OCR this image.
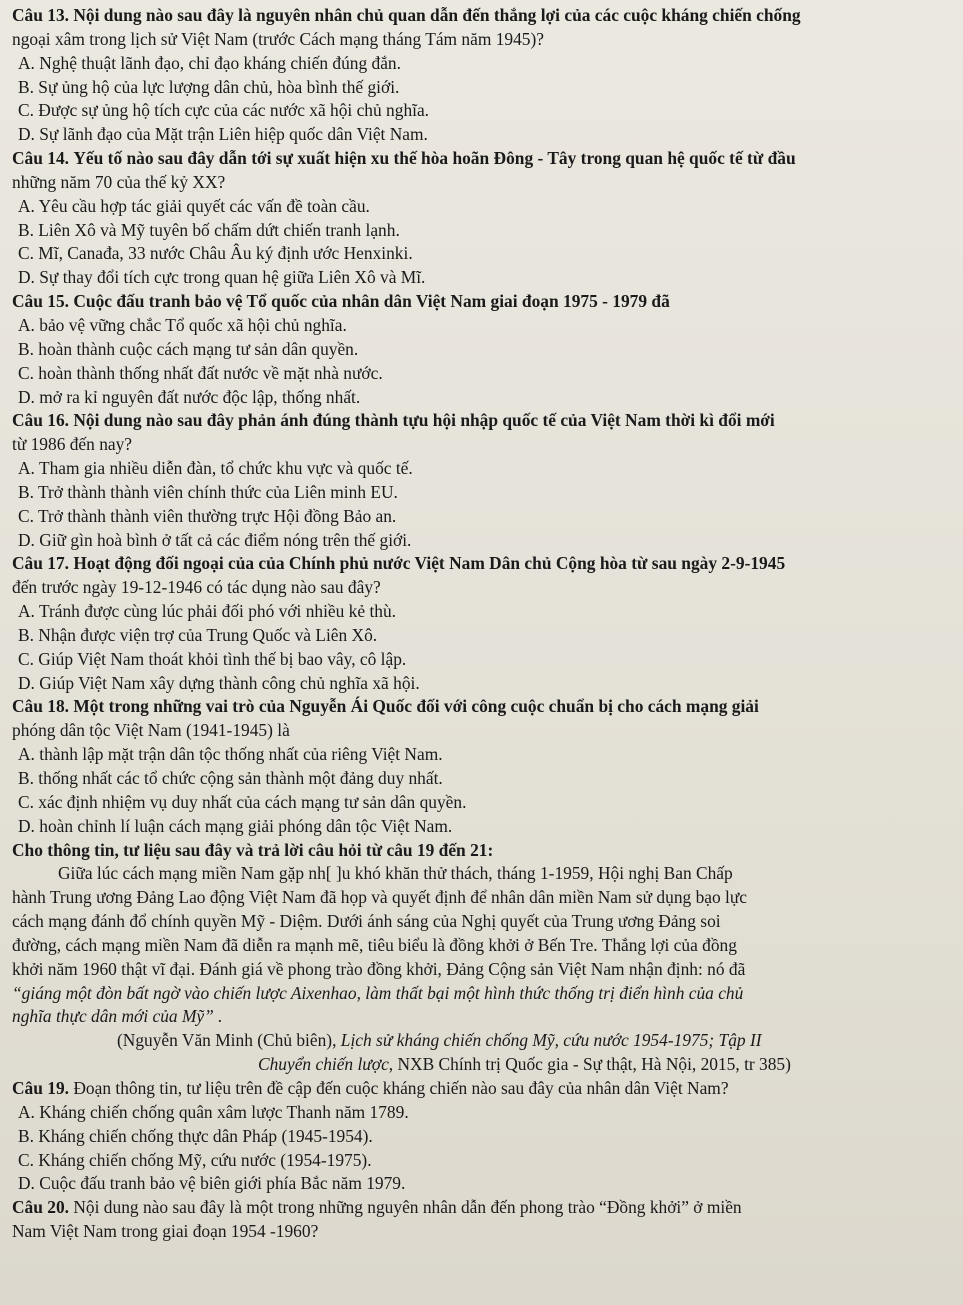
Câu 13. Nội dung nào sau đây là nguyên nhân chủ quan dẫn đến thắng lợi của các cuộc kháng chiến chống
ngoại xâm trong lịch sử Việt Nam (trước Cách mạng tháng Tám năm 1945)?
A. Nghệ thuật lãnh đạo, chỉ đạo kháng chiến đúng đắn.
B. Sự ủng hộ của lực lượng dân chủ, hòa bình thế giới.
C. Được sự ủng hộ tích cực của các nước xã hội chủ nghĩa.
D. Sự lãnh đạo của Mặt trận Liên hiệp quốc dân Việt Nam.
Câu 14. Yếu tố nào sau đây dẫn tới sự xuất hiện xu thế hòa hoãn Đông - Tây trong quan hệ quốc tế từ đầu
những năm 70 của thế kỷ XX?
A. Yêu cầu hợp tác giải quyết các vấn đề toàn cầu.
B. Liên Xô và Mỹ tuyên bố chấm dứt chiến tranh lạnh.
C. Mĩ, Canađa, 33 nước Châu Âu ký định ước Henxinki.
D. Sự thay đổi tích cực trong quan hệ giữa Liên Xô và Mĩ.
Câu 15. Cuộc đấu tranh bảo vệ Tổ quốc của nhân dân Việt Nam giai đoạn 1975 - 1979 đã
A. bảo vệ vững chắc Tổ quốc xã hội chủ nghĩa.
B. hoàn thành cuộc cách mạng tư sản dân quyền.
C. hoàn thành thống nhất đất nước về mặt nhà nước.
D. mở ra kỉ nguyên đất nước độc lập, thống nhất.
Câu 16. Nội dung nào sau đây phản ánh đúng thành tựu hội nhập quốc tế của Việt Nam thời kì đổi mới
từ 1986 đến nay?
A. Tham gia nhiều diễn đàn, tổ chức khu vực và quốc tế.
B. Trở thành thành viên chính thức của Liên minh EU.
C. Trở thành thành viên thường trực Hội đồng Bảo an.
D. Giữ gìn hoà bình ở tất cả các điểm nóng trên thế giới.
Câu 17. Hoạt động đối ngoại của của Chính phủ nước Việt Nam Dân chủ Cộng hòa từ sau ngày 2-9-1945
đến trước ngày 19-12-1946 có tác dụng nào sau đây?
A. Tránh được cùng lúc phải đối phó với nhiều kẻ thù.
B. Nhận được viện trợ của Trung Quốc và Liên Xô.
C. Giúp Việt Nam thoát khỏi tình thế bị bao vây, cô lập.
D. Giúp Việt Nam xây dựng thành công chủ nghĩa xã hội.
Câu 18. Một trong những vai trò của Nguyễn Ái Quốc đối với công cuộc chuẩn bị cho cách mạng giải
phóng dân tộc Việt Nam (1941-1945) là
A. thành lập mặt trận dân tộc thống nhất của riêng Việt Nam.
B. thống nhất các tổ chức cộng sản thành một đảng duy nhất.
C. xác định nhiệm vụ duy nhất của cách mạng tư sản dân quyền.
D. hoàn chỉnh lí luận cách mạng giải phóng dân tộc Việt Nam.
Cho thông tin, tư liệu sau đây và trả lời câu hỏi từ câu 19 đến 21:
Giữa lúc cách mạng miền Nam gặp nh[ ]u khó khăn thử thách, tháng 1-1959, Hội nghị Ban Chấp
hành Trung ương Đảng Lao động Việt Nam đã họp và quyết định để nhân dân miền Nam sử dụng bạo lực
cách mạng đánh đổ chính quyền Mỹ - Diệm. Dưới ánh sáng của Nghị quyết của Trung ương Đảng soi
đường, cách mạng miền Nam đã diễn ra mạnh mẽ, tiêu biểu là đồng khởi ở Bến Tre. Thắng lợi của đồng
khởi năm 1960 thật vĩ đại. Đánh giá về phong trào đồng khởi, Đảng Cộng sản Việt Nam nhận định: nó đã
“giáng một đòn bất ngờ vào chiến lược Aixenhao, làm thất bại một hình thức thống trị điển hình của chủ
nghĩa thực dân mới của Mỹ” .
(Nguyễn Văn Minh (Chủ biên), Lịch sử kháng chiến chống Mỹ, cứu nước 1954-1975; Tập II
Chuyển chiến lược, NXB Chính trị Quốc gia - Sự thật, Hà Nội, 2015, tr 385)
Câu 19. Đoạn thông tin, tư liệu trên đề cập đến cuộc kháng chiến nào sau đây của nhân dân Việt Nam?
A. Kháng chiến chống quân xâm lược Thanh năm 1789.
B. Kháng chiến chống thực dân Pháp (1945-1954).
C. Kháng chiến chống Mỹ, cứu nước (1954-1975).
D. Cuộc đấu tranh bảo vệ biên giới phía Bắc năm 1979.
Câu 20. Nội dung nào sau đây là một trong những nguyên nhân dẫn đến phong trào “Đồng khởi” ở miền
Nam Việt Nam trong giai đoạn 1954 -1960?
